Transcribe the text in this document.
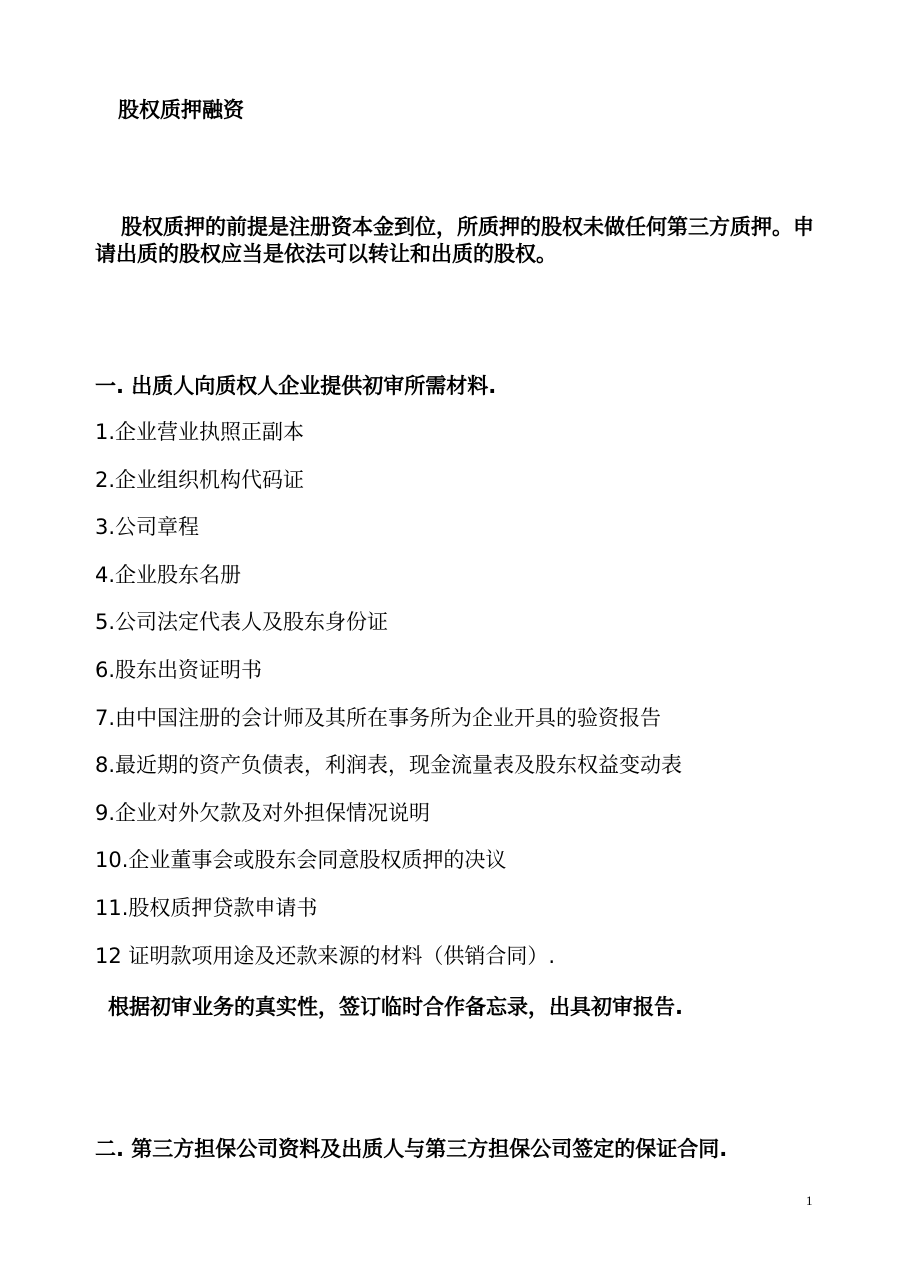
股权质押融资
股权质押的前提是注册资本金到位，所质押的股权未做任何第三方质押。申请出质的股权应当是依法可以转让和出质的股权。
一. 出质人向质权人企业提供初审所需材料.
1.企业营业执照正副本
2.企业组织机构代码证
3.公司章程
4.企业股东名册
5.公司法定代表人及股东身份证
6.股东出资证明书
7.由中国注册的会计师及其所在事务所为企业开具的验资报告
8.最近期的资产负债表，利润表，现金流量表及股东权益变动表
9.企业对外欠款及对外担保情况说明
10.企业董事会或股东会同意股权质押的决议
11.股权质押贷款申请书
12 证明款项用途及还款来源的材料（供销合同）.
根据初审业务的真实性，签订临时合作备忘录，出具初审报告.
二. 第三方担保公司资料及出质人与第三方担保公司签定的保证合同.
1
